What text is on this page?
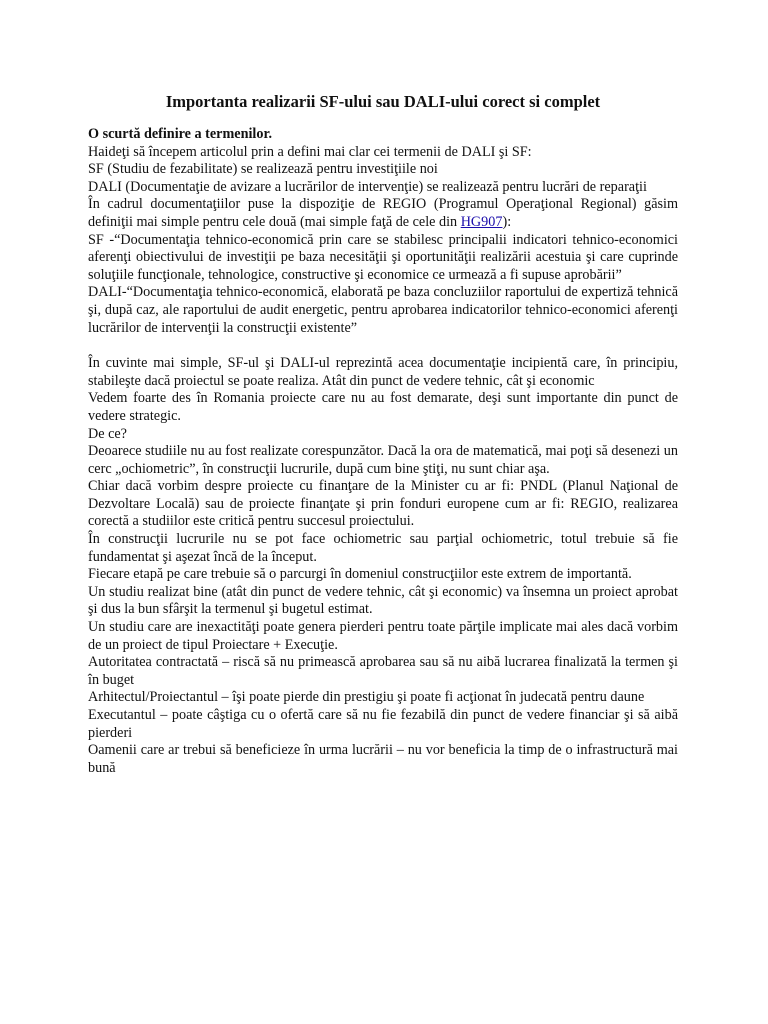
Importanta realizarii SF-ului sau DALI-ului corect si complet

O scurtă definire a termenilor.

Haideţi să începem articolul prin a defini mai clar cei termenii de DALI şi SF:

SF (Studiu de fezabilitate) se realizează pentru investiţiile noi

DALI (Documentaţie de avizare a lucrărilor de intervenţie) se realizează pentru lucrări de reparaţii

În cadrul documentaţiilor puse la dispoziţie de REGIO (Programul Operaţional Regional) găsim definiţii mai simple pentru cele două (mai simple faţă de cele din HG907):

SF -“Documentaţia tehnico-economică prin care se stabilesc principalii indicatori tehnico-economici aferenţi obiectivului de investiţii pe baza necesităţii şi oportunităţii realizării acestuia şi care cuprinde soluţiile funcţionale, tehnologice, constructive şi economice ce urmează a fi supuse aprobării”

DALI-“Documentaţia tehnico-economică, elaborată pe baza concluziilor raportului de expertiză tehnică şi, după caz, ale raportului de audit energetic, pentru aprobarea indicatorilor tehnico-economici aferenţi lucrărilor de intervenţii la construcţii existente”

În cuvinte mai simple, SF-ul şi DALI-ul reprezintă acea documentaţie incipientă care, în principiu, stabileşte dacă proiectul se poate realiza. Atât din punct de vedere tehnic, cât şi economic

Vedem foarte des în Romania proiecte care nu au fost demarate, deşi sunt importante din punct de vedere strategic.

De ce?

Deoarece studiile nu au fost realizate corespunzător. Dacă la ora de matematică, mai poţi să desenezi un cerc „ochiometric”, în construcţii lucrurile, după cum bine ştiţi, nu sunt chiar aşa.

Chiar dacă vorbim despre proiecte cu finanţare de la Minister cu ar fi: PNDL (Planul Naţional de Dezvoltare Locală) sau de proiecte finanţate şi prin fonduri europene cum ar fi: REGIO, realizarea corectă a studiilor este critică pentru succesul proiectului.

În construcţii lucrurile nu se pot face ochiometric sau parţial ochiometric, totul trebuie să fie fundamentat şi aşezat încă de la început.

Fiecare etapă pe care trebuie să o parcurgi în domeniul construcţiilor este extrem de importantă.

Un studiu realizat bine (atât din punct de vedere tehnic, cât şi economic) va însemna un proiect aprobat şi dus la bun sfârşit la termenul şi bugetul estimat.

Un studiu care are inexactităţi poate genera pierderi pentru toate părţile implicate mai ales dacă vorbim de un proiect de tipul Proiectare + Execuţie.

Autoritatea contractată – riscă să nu primească aprobarea sau să nu aibă lucrarea finalizată la termen şi în buget

Arhitectul/Proiectantul – îşi poate pierde din prestigiu şi poate fi acţionat în judecată pentru daune

Executantul – poate câştiga cu o ofertă care să nu fie fezabilă din punct de vedere financiar şi să aibă pierderi

Oamenii care ar trebui să beneficieze în urma lucrării – nu vor beneficia la timp de o infrastructură mai bună
